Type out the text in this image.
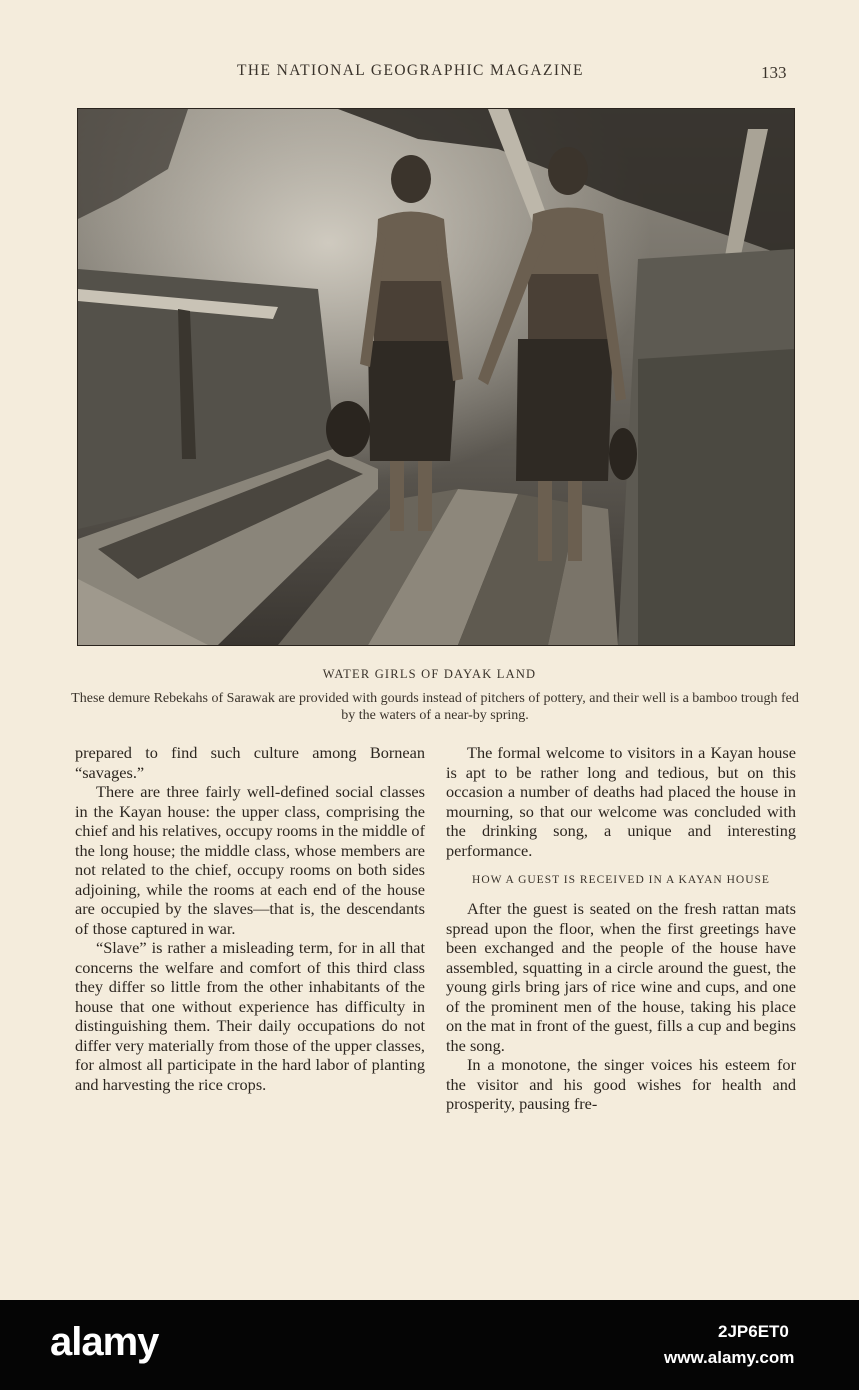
THE NATIONAL GEOGRAPHIC MAGAZINE	133
WATER GIRLS OF DAYAK LAND
These demure Rebekahs of Sarawak are provided with gourds instead of pitchers of pottery, and their well is a bamboo trough fed by the waters of a near-by spring.

prepared to find such culture among Bornean “savages.”

There are three fairly well-defined social classes in the Kayan house: the upper class, comprising the chief and his relatives, occupy rooms in the middle of the long house; the middle class, whose members are not related to the chief, occupy rooms on both sides adjoining, while the rooms at each end of the house are occupied by the slaves—that is, the descendants of those captured in war.

“Slave” is rather a misleading term, for in all that concerns the welfare and comfort of this third class they differ so little from the other inhabitants of the house that one without experience has difficulty in distinguishing them. Their daily occupations do not differ very materially from those of the upper classes, for almost all participate in the hard labor of planting and harvesting the rice crops.

The formal welcome to visitors in a Kayan house is apt to be rather long and tedious, but on this occasion a number of deaths had placed the house in mourning, so that our welcome was concluded with the drinking song, a unique and interesting performance.

HOW A GUEST IS RECEIVED IN A KAYAN HOUSE

After the guest is seated on the fresh rattan mats spread upon the floor, when the first greetings have been exchanged and the people of the house have assembled, squatting in a circle around the guest, the young girls bring jars of rice wine and cups, and one of the prominent men of the house, taking his place on the mat in front of the guest, fills a cup and begins the song.

In a monotone, the singer voices his esteem for the visitor and his good wishes for health and prosperity, pausing fre-

alamy	2JP6ET0
www.alamy.com
